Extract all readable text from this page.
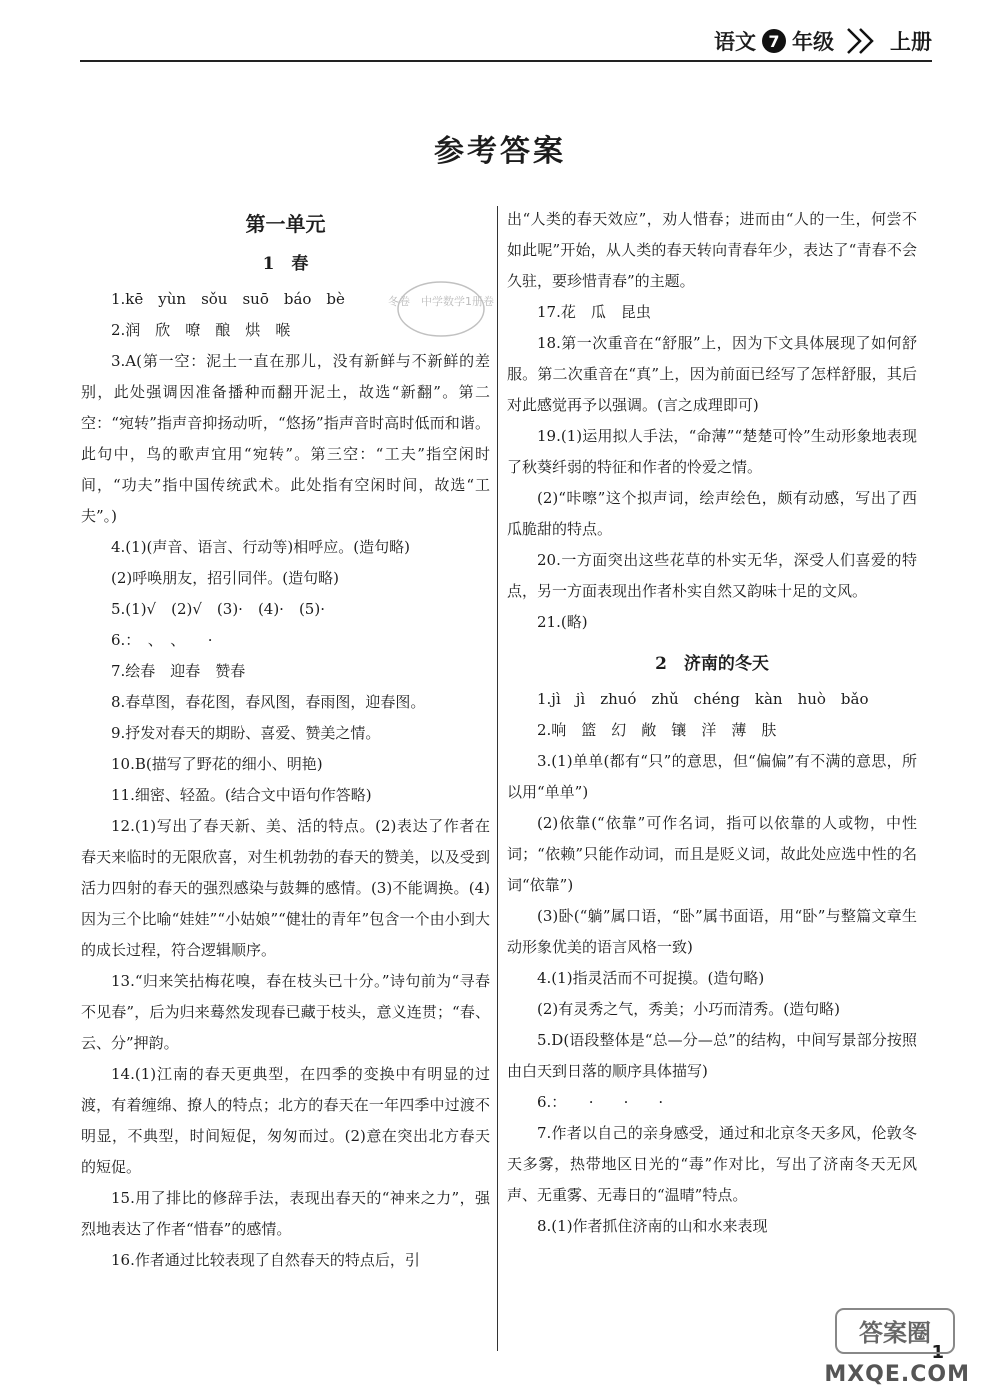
语文 7 年级	上册
参考答案
第一单元
1　春

1.kē　yùn　sǒu　suō　báo　bè

2.润　欣　嘹　酿　烘　喉

3.A(第一空：泥土一直在那儿，没有新鲜与不新鲜的差别，此处强调因准备播种而翻开泥土，故选“新翻”。第二空：“宛转”指声音抑扬动听，“悠扬”指声音时高时低而和谐。此句中，鸟的歌声宜用“宛转”。第三空：“工夫”指空闲时间，“功夫”指中国传统武术。此处指有空闲时间，故选“工夫”。)

4.(1)(声音、语言、行动等)相呼应。(造句略)

(2)呼唤朋友，招引同伴。(造句略)

5.(1)√　(2)√　(3)·　(4)·　(5)·

6.：　、　、　　·

7.绘春　迎春　赞春

8.春草图，春花图，春风图，春雨图，迎春图。

9.抒发对春天的期盼、喜爱、赞美之情。

10.B(描写了野花的细小、明艳)

11.细密、轻盈。(结合文中语句作答略)

12.(1)写出了春天新、美、活的特点。(2)表达了作者在春天来临时的无限欣喜，对生机勃勃的春天的赞美，以及受到活力四射的春天的强烈感染与鼓舞的感情。(3)不能调换。(4)因为三个比喻“娃娃”“小姑娘”“健壮的青年”包含一个由小到大的成长过程，符合逻辑顺序。

13.“归来笑拈梅花嗅，春在枝头已十分。”诗句前为“寻春不见春”，后为归来蓦然发现春已藏于枝头，意义连贯；“春、云、分”押韵。

14.(1)江南的春天更典型，在四季的变换中有明显的过渡，有着缠绵、撩人的特点；北方的春天在一年四季中过渡不明显，不典型，时间短促，匆匆而过。(2)意在突出北方春天的短促。

15.用了排比的修辞手法，表现出春天的“神来之力”，强烈地表达了作者“惜春”的感情。

16.作者通过比较表现了自然春天的特点后，引

出“人类的春天效应”，劝人惜春；进而由“人的一生，何尝不如此呢”开始，从人类的春天转向青春年少，表达了“青春不会久驻，要珍惜青春”的主题。

17.花　瓜　昆虫

18.第一次重音在“舒服”上，因为下文具体展现了如何舒服。第二次重音在“真”上，因为前面已经写了怎样舒服，其后对此感觉再予以强调。(言之成理即可)

19.(1)运用拟人手法，“命薄”“楚楚可怜”生动形象地表现了秋葵纤弱的特征和作者的怜爱之情。

(2)“咔嚓”这个拟声词，绘声绘色，颇有动感，写出了西瓜脆甜的特点。

20.一方面突出这些花草的朴实无华，深受人们喜爱的特点，另一方面表现出作者朴实自然又韵味十足的文风。

21.(略)

2　济南的冬天

1.jì　jì　zhuó　zhǔ　chéng　kàn　huò　bǎo

2.响　篮　幻　敞　镶　洋　薄　肤

3.(1)单单(都有“只”的意思，但“偏偏”有不满的意思，所以用“单单”)

(2)依靠(“依靠”可作名词，指可以依靠的人或物，中性词；“依赖”只能作动词，而且是贬义词，故此处应选中性的名词“依靠”)

(3)卧(“躺”属口语，“卧”属书面语，用“卧”与整篇文章生动形象优美的语言风格一致)

4.(1)指灵活而不可捉摸。(造句略)

(2)有灵秀之气，秀美；小巧而清秀。(造句略)

5.D(语段整体是“总—分—总”的结构，中间写景部分按照由白天到日落的顺序具体描写)

6.：　　·　　·　　·

7.作者以自己的亲身感受，通过和北京冬天多风，伦敦冬天多雾，热带地区日光的“毒”作对比，写出了济南冬天无风声、无重雾、无毒日的“温晴”特点。

8.(1)作者抓住济南的山和水来表现

冬卷　中学数学1册卷
1
答案圈
MXQE.COM
